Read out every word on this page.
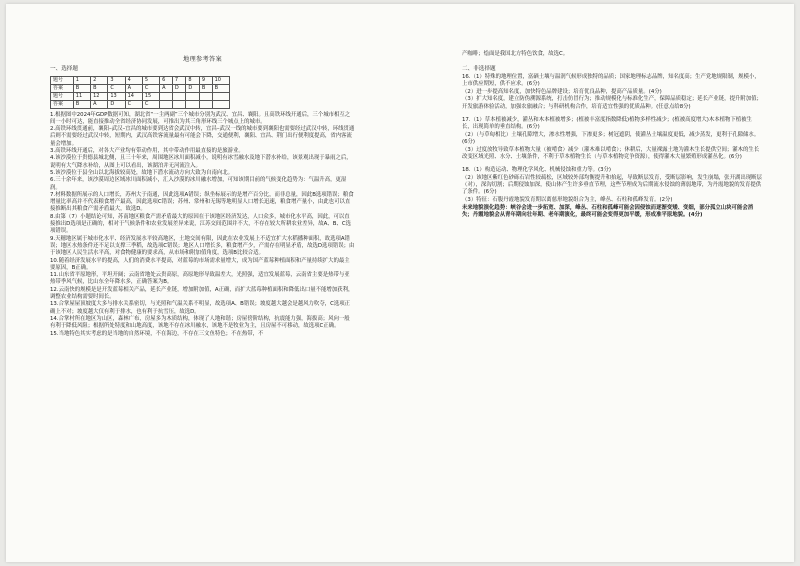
地理参考答案
一、选择题
题号	1	2	3	4	5	6	7	8	9	10
答案	B	B	C	A	C	A	D	D	B	B
题号	11	12	13	14	15					
答案	B	A	D	C	C					

1.根据图中2024年GDP数据可知，湖北省“一主两副”三个城市分别为武汉、宜昌、襄阳。且高铁环线开通后，三个城市相互之间一小时可达，能直接推动全省经济协同发展，可推出为其三角形环线三个城点上的城市。

2.高铁环线贯通前，襄阳–武汉–宜昌的城市要到达省会武汉中转，宜昌–武汉一线的城市要到襄阳也需要经过武汉中转，环线贯通后则不需要经过武汉中转，短期内，武汉高铁客流量最有可能会下降，交通便利，襄阳、宜昌、荆门出行便利度提高，省内客流量会增加。

3.高铁环线开通后，对各大产业均有带动作用，其中带动作用最直接的是旅游业。

4.该沙漠位于贵德县城北侧，且三十年来，周围地区冰川面积减小，说明有冰雪融水及地下潜水补给，该景观出现于暴雨之后，说明有大气降水补给，从图上可以看出，该湖泊并无河流注入。

5.该沙漠位于县全山以北海拔较高处，故地下潜水流动方向大致为自南向北。

6.三十余年来，该沙漠周边区域冰川面积减小，汇入沙漠的冰川融水增加，可知该期目前的气候变化趋势为：气温升高，更湿润。

7.材料数据所展示的人口增长，苏州大于南通，因此选项A错误；纵坐标展示的是增产百分比，而非总量，因此B选项错误；粮食增量比率高并不代表粮食增产最高，因此选项C错误；苏州、常州和无锡等地明显人口增长迅速，粮食增产量小，由此也可以直接推断出其粮食产需矛盾最大，故选D。

8.由第（7）小题结论可知，苏南地区粮食产需矛盾最大的原因在于该地区经济发达，人口众多，城市化水平高，因此，可以直接推出D选项是正确的，相对于气候条件和农业发展差异来说，江苏交间范围并不大，不存在较大所耕农业差异，故A、B、C选项错误。

9.天穗地区属于城市化水平、经济发展水平较高地区，土地交间有限，因此在农业发展上不适宜扩大水稻播种面积，故选项A错误；地区水热条件还不足以支撑三季稻，故选项C错误；地区人口增长多，粮食增产少，产需存在明显矛盾，故选D选项错误；由于该地区人民生活水平高，对食物健康的要求高，从市场和附加值角度，选项B比较合适。

10.随着经济发展水平的提高，人们的消费水平提高，对蓝莓的市场需求量增大，成为国产蓝莓种植面积和产量持续扩大的最主要原因，B正确。

11.山东省平原地形，平坦开阔；云南省地处云贵高原，高原地形导致温差大，光照强，适宜发展蓝莓，云南省主要是热带与亚热带季风气候，比山东全年降水多，正确答案为B。

12.云南快的规模是是开发蓝莓相关产品，延长产业链，增加附加值，A正确，而扩大蓝莓种植面积和降低出口量不能增加获利，调整农业结构需要时间长。

13.合掌屋屋顶坡度大多与排水关系密切，与光照和气温关系不明显，故选项A、B错误；坡度越大越会是越风力吹夺，C选项正确上不对；坡度越大仅有利于排水，也有利于抗雪压，故选D。

14.合掌村所在地区为山区，森林广布，房屋多为木质结构，体现了人地和谐；房屋傍阶结构，抗震能力强，海拔高；风向一般有利于降低风阻；根据所处特度和山地高度，该地不存在冰川融水，该地不是牧业为主，且房屋不可移动，故选项C正确。

15.当地特色其实考虑的是当地的自然环境，不在海边，不存在三文鱼特色；不在热带，不

产咖啡；烩面是我国北方特色饮食，故选C。

二、非选择题

16.（1）特殊的地理位置，富硒土壤与温润气候形成独特的品质；国家地理标志品牌，知名度高；生产党地规限制，规模小，上市供应期短，供不应求。(6分)

（2）进一步提高知名度，加快特色品牌建设；培育优良品种，提高产品质量。(4分)

（3）扩大知名度，建立防伪溯源系统，打击仿冒行为；推动规模化与标准化生产，保障品质稳定；延长产业链，提升附加值；开发旅游体验活动，加强农旅融合；与科研机构合作，培育适宜性强的优质品种。(任意点给8分)

17.（1）草本植被减少，灌丛和木本植被增多；(植被丰富度指数降低)植物多样性减少；(植被高度增大)木本植物下植被生长，出现简单的垂直结构。(6分)

（2）（与草甸相比）土壤孔隙增大，渗水性增强，下渗更多；树冠遮阴，使灌丛土壤温度更低，减少蒸发，更利于孔隙储水。(6分)

（3）过度放牧导致草本植物大量（被啃食）减少（灌木难以啃食）；休耕后，大量裸露土地为灌木生长提供空间；灌木的生长改变区域光照、水分、土壤条件，不利于草本植物生长（与草本植物竞争资源），使得灌木大量繁殖形成灌丛化。(6分)

18.（1）构造运动、物理化学风化、机械侵蚀和重力等。(3分)

（2）该地区紫红色砂砾石岩性较疏松，区域较外部均衡提升和抬起，导致断层发育，受断层影响，发生崩塌，张开湖出现断层（对），深沟切割；后期侵蚀加深，使山体产生许多垂直节理，这些节理成为后期流水侵蚀的薄弱地带，为丹霞地貌的发育提供了条件。(6分)

（3）特征：石腹丹霞地貌发育期以离慈形地貌组合为主，峰丛、石柱和孤峰发育。(2分)

未来地貌演化趋势：峡谷会进一步拓宽、加深，峰丛、石柱和孤峰可能会因侵蚀而逐渐变矮、变细，部分孤立山块可能会消失；丹霞地貌会从青年期向壮年期、老年期演化，最终可能会变得更加平缓，形成准平原地貌。(4分)
